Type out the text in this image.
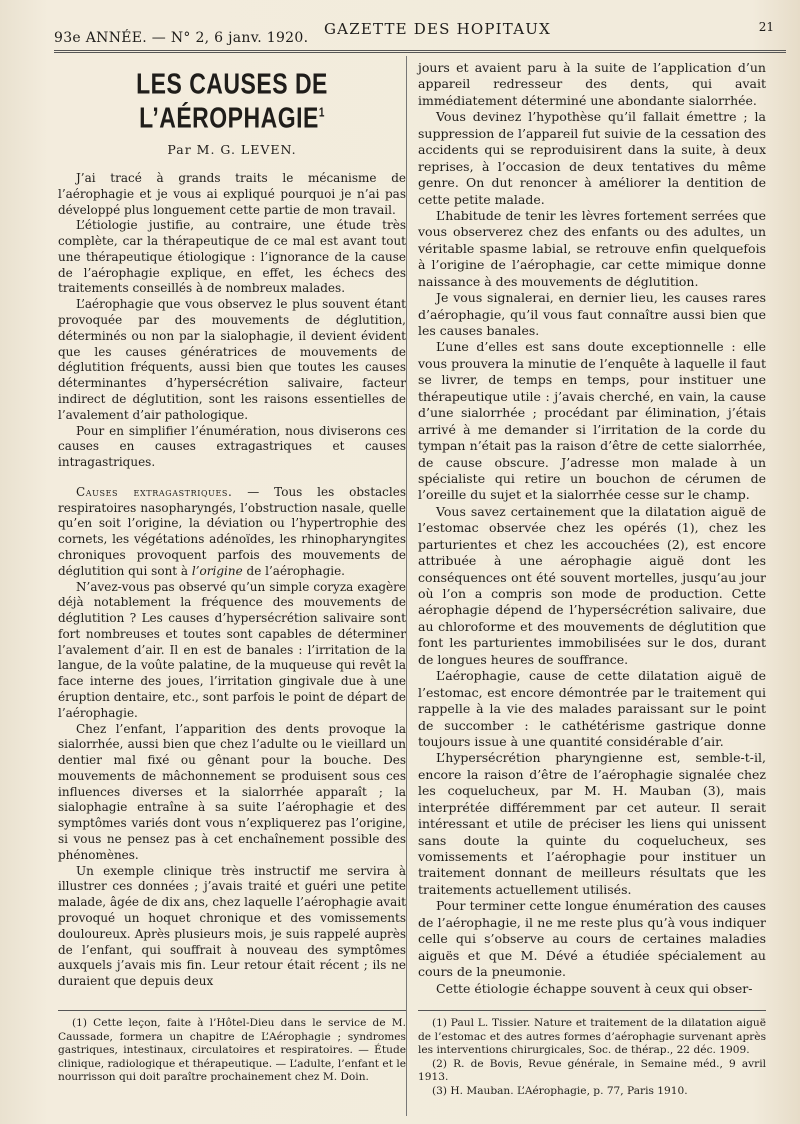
93e ANNÉE. — N° 2, 6 janv. 1920. GAZETTE DES HOPITAUX	21
LES CAUSES DE L’AÉROPHAGIE$^1$
Par M. G. LEVEN.

J’ai tracé à grands traits le mécanisme de l’aérophagie et je vous ai expliqué pourquoi je n’ai pas développé plus longuement cette partie de mon travail.

L’étiologie justifie, au contraire, une étude très complète, car la thérapeutique de ce mal est avant tout une thérapeutique étiologique : l’ignorance de la cause de l’aérophagie explique, en effet, les échecs des traitements conseillés à de nombreux malades.

L’aérophagie que vous observez le plus souvent étant provoquée par des mouvements de déglutition, déterminés ou non par la sialophagie, il devient évident que les causes génératrices de mouvements de déglutition fréquents, aussi bien que toutes les causes déterminantes d’hypersécrétion salivaire, facteur indirect de déglutition, sont les raisons essentielles de l’avalement d’air pathologique.

Pour en simplifier l’énumération, nous diviserons ces causes en causes extragastriques et causes intragastriques.

Causes extragastriques. — Tous les obstacles respiratoires nasopharyngés, l’obstruction nasale, quelle qu’en soit l’origine, la déviation ou l’hypertrophie des cornets, les végétations adénoïdes, les rhinopharyngites chroniques provoquent parfois des mouvements de déglutition qui sont à l’origine de l’aérophagie.

N’avez-vous pas observé qu’un simple coryza exagère déjà notablement la fréquence des mouvements de déglutition ? Les causes d’hypersécrétion salivaire sont fort nombreuses et toutes sont capables de déterminer l’avalement d’air. Il en est de banales : l’irritation de la langue, de la voûte palatine, de la muqueuse qui revêt la face interne des joues, l’irritation gingivale due à une éruption dentaire, etc., sont parfois le point de départ de l’aérophagie.

Chez l’enfant, l’apparition des dents provoque la sialorrhée, aussi bien que chez l’adulte ou le vieillard un dentier mal fixé ou gênant pour la bouche. Des mouvements de mâchonnement se produisent sous ces influences diverses et la sialorrhée apparaît ; la sialophagie entraîne à sa suite l’aérophagie et des symptômes variés dont vous n’expliquerez pas l’origine, si vous ne pensez pas à cet enchaînement possible des phénomènes.

Un exemple clinique très instructif me servira à illustrer ces données ; j’avais traité et guéri une petite malade, âgée de dix ans, chez laquelle l’aérophagie avait provoqué un hoquet chronique et des vomissements douloureux. Après plusieurs mois, je suis rappelé auprès de l’enfant, qui souffrait à nouveau des symptômes auxquels j’avais mis fin. Leur retour était récent ; ils ne duraient que depuis deux

jours et avaient paru à la suite de l’application d’un appareil redresseur des dents, qui avait immédiatement déterminé une abondante sialorrhée.

Vous devinez l’hypothèse qu’il fallait émettre ; la suppression de l’appareil fut suivie de la cessation des accidents qui se reproduisirent dans la suite, à deux reprises, à l’occasion de deux tentatives du même genre. On dut renoncer à améliorer la dentition de cette petite malade.

L’habitude de tenir les lèvres fortement serrées que vous observerez chez des enfants ou des adultes, un véritable spasme labial, se retrouve enfin quelquefois à l’origine de l’aérophagie, car cette mimique donne naissance à des mouvements de déglutition.

Je vous signalerai, en dernier lieu, les causes rares d’aérophagie, qu’il vous faut connaître aussi bien que les causes banales.

L’une d’elles est sans doute exceptionnelle : elle vous prouvera la minutie de l’enquête à laquelle il faut se livrer, de temps en temps, pour instituer une thérapeutique utile : j’avais cherché, en vain, la cause d’une sialorrhée ; procédant par élimination, j’étais arrivé à me demander si l’irritation de la corde du tympan n’était pas la raison d’être de cette sialorrhée, de cause obscure. J’adresse mon malade à un spécialiste qui retire un bouchon de cérumen de l’oreille du sujet et la sialorrhée cesse sur le champ.

Vous savez certainement que la dilatation aiguë de l’estomac observée chez les opérés (1), chez les parturientes et chez les accouchées (2), est encore attribuée à une aérophagie aiguë dont les conséquences ont été souvent mortelles, jusqu’au jour où l’on a compris son mode de production. Cette aérophagie dépend de l’hypersécrétion salivaire, due au chloroforme et des mouvements de déglutition que font les parturientes immobilisées sur le dos, durant de longues heures de souffrance.

L’aérophagie, cause de cette dilatation aiguë de l’estomac, est encore démontrée par le traitement qui rappelle à la vie des malades paraissant sur le point de succomber : le cathétérisme gastrique donne toujours issue à une quantité considérable d’air.

L’hypersécrétion pharyngienne est, semble-t-il, encore la raison d’être de l’aérophagie signalée chez les coquelucheux, par M. H. Mauban (3), mais interprétée différemment par cet auteur. Il serait intéressant et utile de préciser les liens qui unissent sans doute la quinte du coquelucheux, ses vomissements et l’aérophagie pour instituer un traitement donnant de meilleurs résultats que les traitements actuellement utilisés.

Pour terminer cette longue énumération des causes de l’aérophagie, il ne me reste plus qu’à vous indiquer celle qui s’observe au cours de certaines maladies aiguës et que M. Dévé a étudiée spécialement au cours de la pneumonie.

Cette étiologie échappe souvent à ceux qui obser-

(1) Cette leçon, faite à l’Hôtel-Dieu dans le service de M. Caussade, formera un chapitre de L’Aérophagie ; syndromes gastriques, intestinaux, circulatoires et respiratoires. — Étude clinique, radiologique et thérapeutique. — L’adulte, l’enfant et le nourrisson qui doit paraître prochainement chez M. Doin.

(1) Paul L. Tissier. Nature et traitement de la dilatation aiguë de l’estomac et des autres formes d’aérophagie survenant après les interventions chirurgicales, Soc. de thérap., 22 déc. 1909.

(2) R. de Bovis, Revue générale, in Semaine méd., 9 avril 1913.

(3) H. Mauban. L’Aérophagie, p. 77, Paris 1910.
